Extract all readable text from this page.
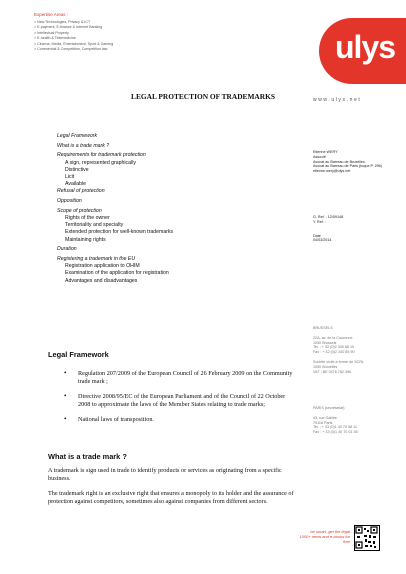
Expertise Areas :
> New Technologies, Privacy & ICT
> E-payment, E-finance & Internet Banking
> Intellectual Property
> E-health & Telemedicine
> Cinema, Media, Entertainment, Sport & Gaming
> Commercial & Competition, Competition law	ulys
LEGAL PROTECTION OF TRADEMARKS	www.ulys.net
Legal Framework
What is a trade mark ?
Requirements for trademark protection
A sign, represented graphically
Distinctive
Licit
Available
Refusal of protection
Opposition
Scope of protection
Rights of the owner
Territoriality and specialty
Extended protection for well-known trademarks
Maintaining rights
Duration
Registering a trademark in the EU
Registration application to OHIM
Examination of the application for registration
Advantages and disadvantages
Etienne WERY
Associé
Avocat au Barreau de Bruxelles
Avocat au Barreau de Paris (toque P. 296)
etienne.wery@ulys.net
O. Ref. : 12/09148
Y. Ref. :
Date
04/03/2014
BRUSSELS
22A, av. de la Couronne
1050 Brussels
Tel. : + 32 (0)2 340 88 10
Fax : + 32 (0)2 340 85 90
Société civile à forme de SCRL
1050 Bruxelles
VAT : BE 0476.782.396
PARIS (secrétariat)
43, rue Galilée
75116 Paris
Tel. : + 33 (0)1 40 70 38 11
Fax : + 33 (0)1 40 70 01 38
Legal Framework
• Regulation 207/2009 of the European Council of 26 February 2009 on the Community trade mark ;
• Directive 2008/95/EC of the European Parliament and of the Council of 22 October 2008 to approximate the laws of the Member States relating to trade marks;
• National laws of transposition.
What is a trade mark ?
A trademark is sign used in trade to identify products or services as originating from a specific business.
The trademark right is an exclusive right that ensures a monopoly to its holder and the assurance of protection against competitors, sometimes also against companies from different sectors.
be smart, get the legal
1000+ news and e-books for free
